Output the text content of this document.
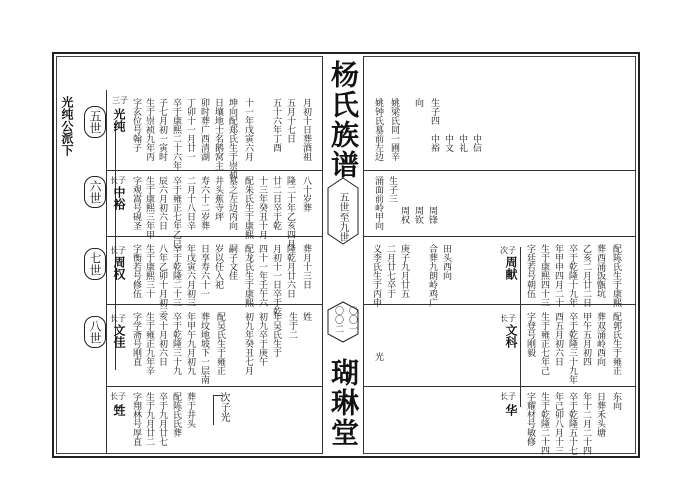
光纯公派下	五世
六世
七世
八世
杨氏族谱
五世至九世
〇〇一
〇〇二
瑚琳堂
三子
光纯 字玄位号翰子 生于崇祯九年丙 子七月初一寅时 卒于康熙二十六年 丁卯十一月廿一 卯时葬广西清湖 日壤地士名鹅窝主 坤向配郑氏生于崇祯 十一年戊寅六月 五十六年丁酉 五月十七日 月初十日葬酒祖
长子
中裕 字观嵩号砚圣 生于康熙三年甲 辰六月初六日 卒于雍正七年乙巳 二月十八日辛 寿六十二岁葬 井头蕉寺坪 墓之左边丙向 配朱氏生于康熙 十三年癸丑十月 廿二日卒于乾 隆二十年乙亥四月 八十岁葬
长子
周权 字衡若号修伍 生于康熙三十 八年乙卯十月初三 卒于乾隆二十三 年戊寅六月初三 日享寿六十一 岁以任入祀 嗣子文佳 配龙氏生于康熙 四十一年壬午六 月初十一日卒于乾 隆乾月廿六日 葬月十三日
长子
文佳 字学斋号刚直 生于雍正九年辛 亥十月初六日 卒于乾隆三十九 年甲午九月初九 葬坟地坡下一层南 配吴氏生于雍正 初九年癸丑七月 初九卒于庚午 年吴氏生于 生于二 姓
长子
甡 字翔林号厚直 生于九月廿二 卒于九月廿七 配陈氏氏葬 葬于井头 次子光
姚钟氏墓前左边 姚梁氏同一圃辛	生子四
向
中裕 中文 中礼 中信
涌面前岭甲向 生子三
周权 周钦 周锋
义李氏生于丙申 二月廿七卒于 庚子九月廿五 合葬九朗岭鸡广 田头西向	次子
周献 字廷若号朝伍 生于康熙四十三 年甲申四月二十 卒于乾隆十九年 乙亥二月廿二日 葬西涌饭甑坑 配陈氏生于康熙
长子
文科 字登号刚毅 生于雍正七年己 酉五月初六日 卒于乾隆三十九年 甲午五月初四 葬双涌岭西向 配郭氏生于雍正
长子
华 字耀材号敏修 生于乾隆二十四 年己卯八月十三 卒于乾隆五十七 年十二月二十四 日葬禾头塘 东向
光
